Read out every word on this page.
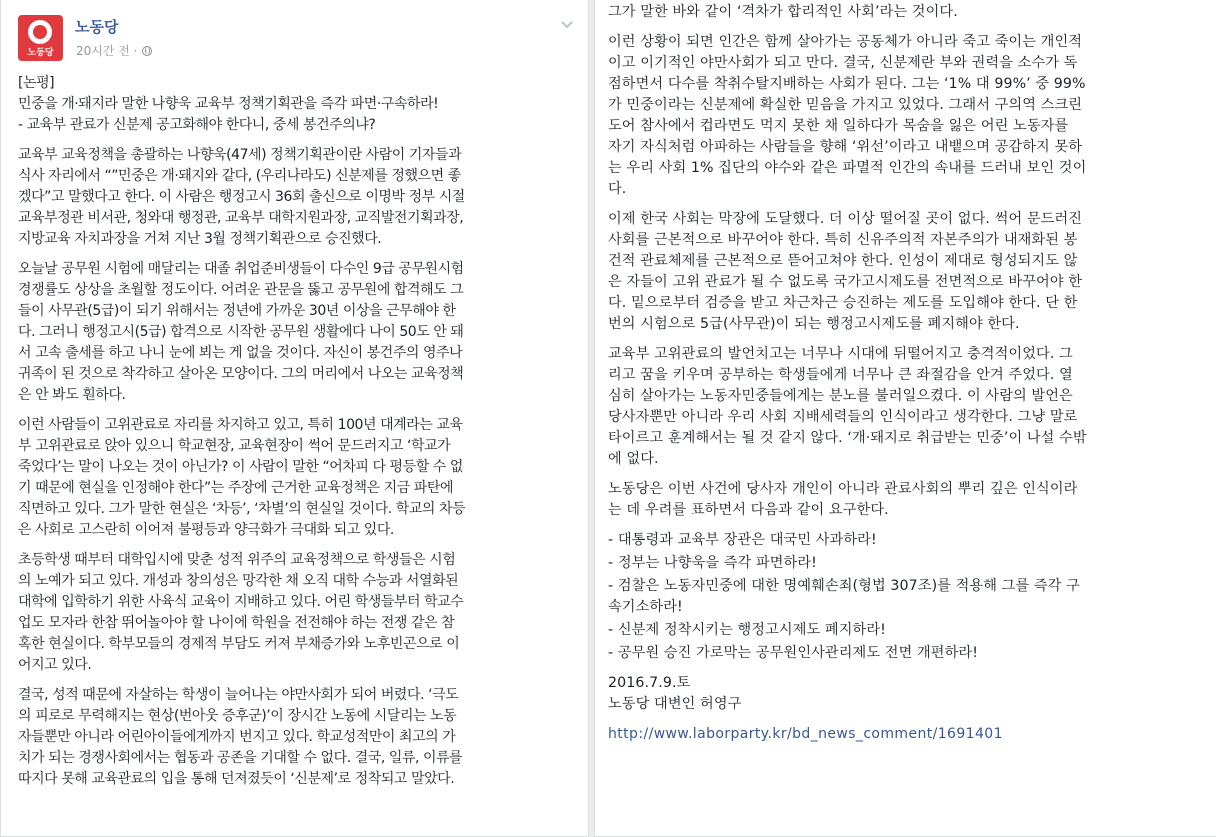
노동당
노동당
20시간 전 ·

[논평]
민중을 개·돼지라 말한 나향욱 교육부 정책기획관을 즉각 파면·구속하라!
- 교육부 관료가 신분제 공고화해야 한다니, 중세 봉건주의냐?

교육부 교육정책을 총괄하는 나향욱(47세) 정책기획관이란 사람이 기자들과
식사 자리에서 “”민중은 개·돼지와 같다, (우리나라도) 신분제를 정했으면 좋
겠다”고 말했다고 한다. 이 사람은 행정고시 36회 출신으로 이명박 정부 시절
교육부정관 비서관, 청와대 행정관, 교육부 대학지원과장, 교직발전기획과장,
지방교육 자치과장을 거쳐 지난 3월 정책기획관으로 승진했다.

오늘날 공무원 시험에 매달리는 대졸 취업준비생들이 다수인 9급 공무원시험
경쟁률도 상상을 초월할 정도이다. 어려운 관문을 뚫고 공무원에 합격해도 그
들이 사무관(5급)이 되기 위해서는 정년에 가까운 30년 이상을 근무해야 한
다. 그러니 행정고시(5급) 합격으로 시작한 공무원 생활에다 나이 50도 안 돼
서 고속 출세를 하고 나니 눈에 뵈는 게 없을 것이다. 자신이 봉건주의 영주나
귀족이 된 것으로 착각하고 살아온 모양이다. 그의 머리에서 나오는 교육정책
은 안 봐도 훤하다.

이런 사람들이 고위관료로 자리를 차지하고 있고, 특히 100년 대계라는 교육
부 고위관료로 앉아 있으니 학교현장, 교육현장이 썩어 문드러지고 ‘학교가
죽었다’는 말이 나오는 것이 아닌가? 이 사람이 말한 “어차피 다 평등할 수 없
기 때문에 현실을 인정해야 한다”는 주장에 근거한 교육정책은 지금 파탄에
직면하고 있다. 그가 말한 현실은 ‘차등’, ‘차별’의 현실일 것이다. 학교의 차등
은 사회로 고스란히 이어져 불평등과 양극화가 극대화 되고 있다.

초등학생 때부터 대학입시에 맞춘 성적 위주의 교육정책으로 학생들은 시험
의 노예가 되고 있다. 개성과 창의성은 망각한 채 오직 대학 수능과 서열화된
대학에 입학하기 위한 사육식 교육이 지배하고 있다. 어린 학생들부터 학교수
업도 모자라 한참 뛰어놀아야 할 나이에 학원을 전전해야 하는 전쟁 같은 참
혹한 현실이다. 학부모들의 경제적 부담도 커져 부채증가와 노후빈곤으로 이
어지고 있다.

결국, 성적 때문에 자살하는 학생이 늘어나는 야만사회가 되어 버렸다. ‘극도
의 피로로 무력해지는 현상(번아웃 증후군)’이 장시간 노동에 시달리는 노동
자들뿐만 아니라 어린아이들에게까지 번지고 있다. 학교성적만이 최고의 가
치가 되는 경쟁사회에서는 협동과 공존을 기대할 수 없다. 결국, 일류, 이류를
따지다 못해 교육관료의 입을 통해 던져졌듯이 ‘신분제’로 정착되고 말았다.

그가 말한 바와 같이 ‘격차가 합리적인 사회’라는 것이다.

이런 상황이 되면 인간은 함께 살아가는 공동체가 아니라 죽고 죽이는 개인적
이고 이기적인 야만사회가 되고 만다. 결국, 신분제란 부와 권력을 소수가 독
점하면서 다수를 착취수탈지배하는 사회가 된다. 그는 ‘1% 대 99%’ 중 99%
가 민중이라는 신분제에 확실한 믿음을 가지고 있었다. 그래서 구의역 스크린
도어 참사에서 컵라면도 먹지 못한 채 일하다가 목숨을 잃은 어린 노동자를
자기 자식처럼 아파하는 사람들을 향해 ‘위선’이라고 내뱉으며 공감하지 못하
는 우리 사회 1% 집단의 야수와 같은 파멸적 인간의 속내를 드러내 보인 것이
다.

이제 한국 사회는 막장에 도달했다. 더 이상 떨어질 곳이 없다. 썩어 문드러진
사회를 근본적으로 바꾸어야 한다. 특히 신유주의적 자본주의가 내재화된 봉
건적 관료체제를 근본적으로 뜯어고쳐야 한다. 인성이 제대로 형성되지도 않
은 자들이 고위 관료가 될 수 없도록 국가고시제도를 전면적으로 바꾸어야 한
다. 밑으로부터 검증을 받고 차근차근 승진하는 제도를 도입해야 한다. 단 한
번의 시험으로 5급(사무관)이 되는 행정고시제도를 폐지해야 한다.

교육부 고위관료의 발언치고는 너무나 시대에 뒤떨어지고 충격적이었다. 그
리고 꿈을 키우며 공부하는 학생들에게 너무나 큰 좌절감을 안겨 주었다. 열
심히 살아가는 노동자민중들에게는 분노를 불러일으켰다. 이 사람의 발언은
당사자뿐만 아니라 우리 사회 지배세력들의 인식이라고 생각한다. 그냥 말로
타이르고 훈계해서는 될 것 같지 않다. ‘개·돼지로 취급받는 민중’이 나설 수밖
에 없다.

노동당은 이번 사건에 당사자 개인이 아니라 관료사회의 뿌리 깊은 인식이라
는 데 우려를 표하면서 다음과 같이 요구한다.

- 대통령과 교육부 장관은 대국민 사과하라!

- 정부는 나향욱을 즉각 파면하라!

- 검찰은 노동자민중에 대한 명예훼손죄(형법 307조)를 적용해 그를 즉각 구
속기소하라!

- 신분제 정착시키는 행정고시제도 폐지하라!

- 공무원 승진 가로막는 공무원인사관리제도 전면 개편하라!

2016.7.9.토
노동당 대변인 허영구

http://www.laborparty.kr/bd_news_comment/1691401
